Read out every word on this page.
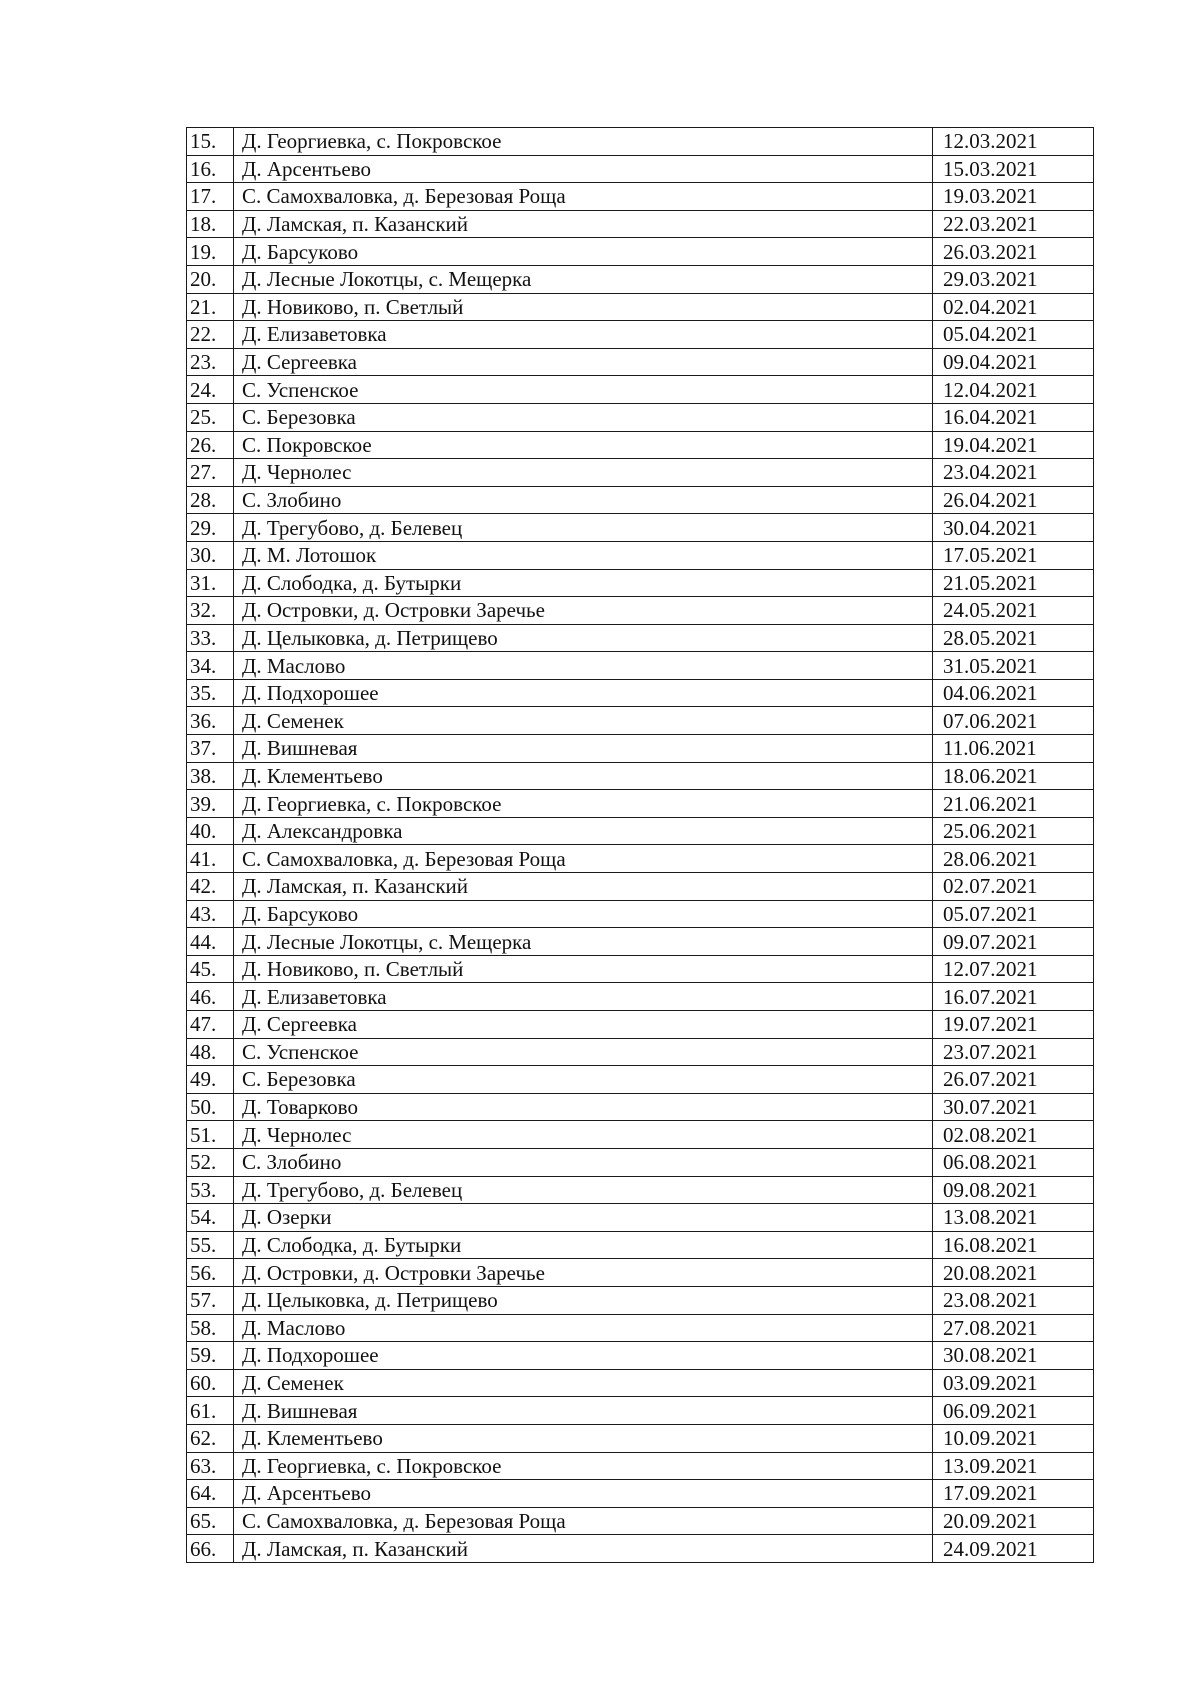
15.	Д. Георгиевка, с. Покровское	12.03.2021
16.	Д. Арсентьево	15.03.2021
17.	С. Самохваловка, д. Березовая Роща	19.03.2021
18.	Д. Ламская, п. Казанский	22.03.2021
19.	Д. Барсуково	26.03.2021
20.	Д. Лесные Локотцы, с. Мещерка	29.03.2021
21.	Д. Новиково, п. Светлый	02.04.2021
22.	Д. Елизаветовка	05.04.2021
23.	Д. Сергеевка	09.04.2021
24.	С. Успенское	12.04.2021
25.	С. Березовка	16.04.2021
26.	С. Покровское	19.04.2021
27.	Д. Чернолес	23.04.2021
28.	С. Злобино	26.04.2021
29.	Д. Трегубово, д. Белевец	30.04.2021
30.	Д. М. Лотошок	17.05.2021
31.	Д. Слободка, д. Бутырки	21.05.2021
32.	Д. Островки, д. Островки Заречье	24.05.2021
33.	Д. Целыковка, д. Петрищево	28.05.2021
34.	Д. Маслово	31.05.2021
35.	Д. Подхорошее	04.06.2021
36.	Д. Семенек	07.06.2021
37.	Д. Вишневая	11.06.2021
38.	Д. Клементьево	18.06.2021
39.	Д. Георгиевка, с. Покровское	21.06.2021
40.	Д. Александровка	25.06.2021
41.	С. Самохваловка, д. Березовая Роща	28.06.2021
42.	Д. Ламская, п. Казанский	02.07.2021
43.	Д. Барсуково	05.07.2021
44.	Д. Лесные Локотцы, с. Мещерка	09.07.2021
45.	Д. Новиково, п. Светлый	12.07.2021
46.	Д. Елизаветовка	16.07.2021
47.	Д. Сергеевка	19.07.2021
48.	С. Успенское	23.07.2021
49.	С. Березовка	26.07.2021
50.	Д. Товарково	30.07.2021
51.	Д. Чернолес	02.08.2021
52.	С. Злобино	06.08.2021
53.	Д. Трегубово, д. Белевец	09.08.2021
54.	Д. Озерки	13.08.2021
55.	Д. Слободка, д. Бутырки	16.08.2021
56.	Д. Островки, д. Островки Заречье	20.08.2021
57.	Д. Целыковка, д. Петрищево	23.08.2021
58.	Д. Маслово	27.08.2021
59.	Д. Подхорошее	30.08.2021
60.	Д. Семенек	03.09.2021
61.	Д. Вишневая	06.09.2021
62.	Д. Клементьево	10.09.2021
63.	Д. Георгиевка, с. Покровское	13.09.2021
64.	Д. Арсентьево	17.09.2021
65.	С. Самохваловка, д. Березовая Роща	20.09.2021
66.	Д. Ламская, п. Казанский	24.09.2021
